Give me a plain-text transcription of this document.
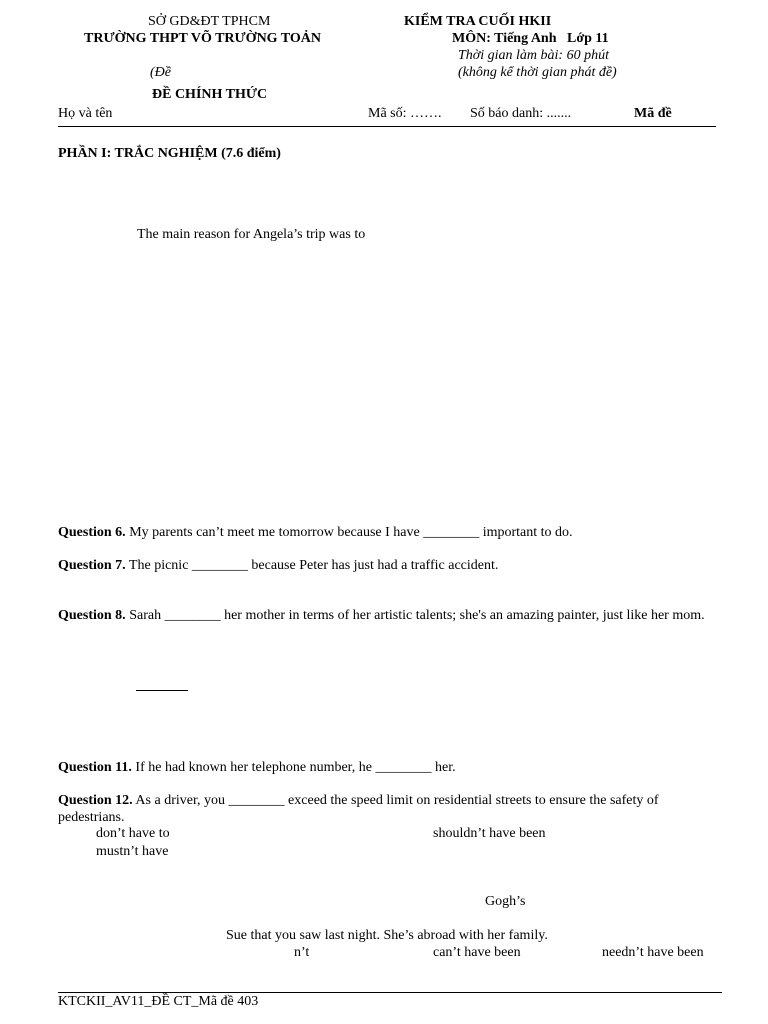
SỞ GD&ĐT TPHCM
TRƯỜNG THPT VÕ TRƯỜNG TOẢN
(Đề
ĐỀ CHÍNH THỨC
KIỂM TRA CUỐI HKII
MÔN: Tiếng Anh   Lớp 11
Thời gian làm bài: 60 phút
(không kể thời gian phát đề)
Họ và tên	Mã số: ……. Số báo danh: .......	Mã đề
PHẦN I: TRẮC NGHIỆM (7.6 điểm)
The main reason for Angela’s trip was to
Question 6. My parents can’t meet me tomorrow because I have ________ important to do.
Question 7. The picnic ________ because Peter has just had a traffic accident.
Question 8. Sarah ________ her mother in terms of her artistic talents; she's an amazing painter, just like her mom.
Question 11. If he had known her telephone number, he ________ her.
Question 12. As a driver, you ________ exceed the speed limit on residential streets to ensure the safety of pedestrians.
don’t have to	shouldn’t have been
mustn’t have
Gogh’s
Sue that you saw last night. She’s abroad with her family.
n’t	can’t have been	needn’t have been
KTCKII_AV11_ĐỀ CT_Mã đề 403
